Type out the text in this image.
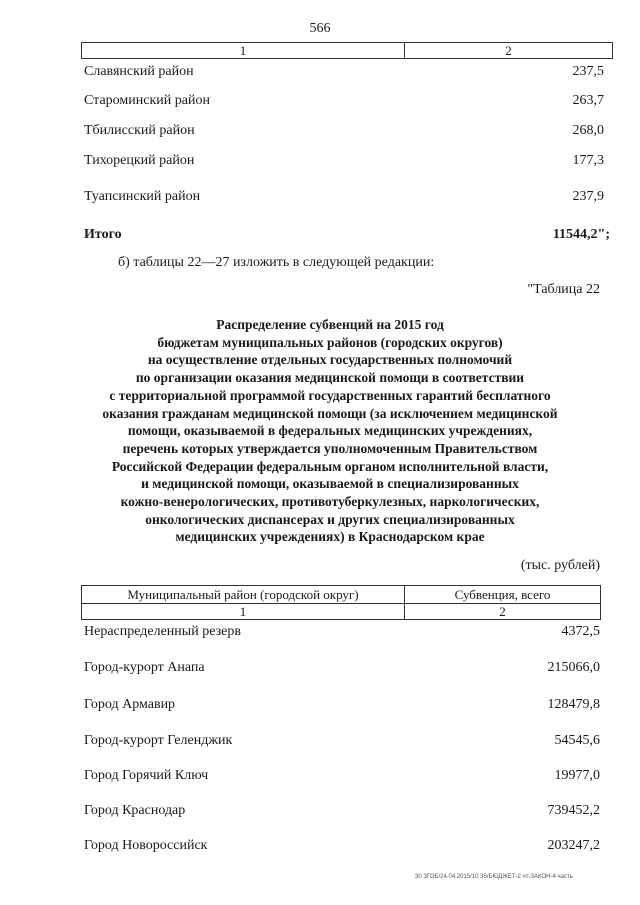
566
1	2
Славянский район	237,5
Староминский район	263,7
Тбилисский район	268,0
Тихорецкий район	177,3
Туапсинский район	237,9
Итого	11544,2";
б) таблицы 22—27 изложить в следующей редакции:
"Таблица 22
Распределение субвенций на 2015 год
бюджетам муниципальных районов (городских округов)
на осуществление отдельных государственных полномочий
по организации оказания медицинской помощи в соответствии
с территориальной программой государственных гарантий бесплатного
оказания гражданам медицинской помощи (за исключением медицинской
помощи, оказываемой в федеральных медицинских учреждениях,
перечень которых утверждается уполномоченным Правительством
Российской Федерации федеральным органом исполнительной власти,
и медицинской помощи, оказываемой в специализированных
кожно-венерологических, противотуберкулезных, наркологических,
онкологических диспансерах и других специализированных
медицинских учреждениях) в Краснодарском крае
(тыс. рублей)
Муниципальный район (городской округ)	Субвенция, всего
1	2
Нераспределенный резерв	4372,5
Город-курорт Анапа	215066,0
Город Армавир	128479,8
Город-курорт Геленджик	54545,6
Город Горячий Ключ	19977,0
Город Краснодар	739452,2
Город Новороссийск	203247,2
30 ЗГОБ/24.04.2015/10 35/БЮДЖЕТ-2 чт-ЗАКОН-4 часть
